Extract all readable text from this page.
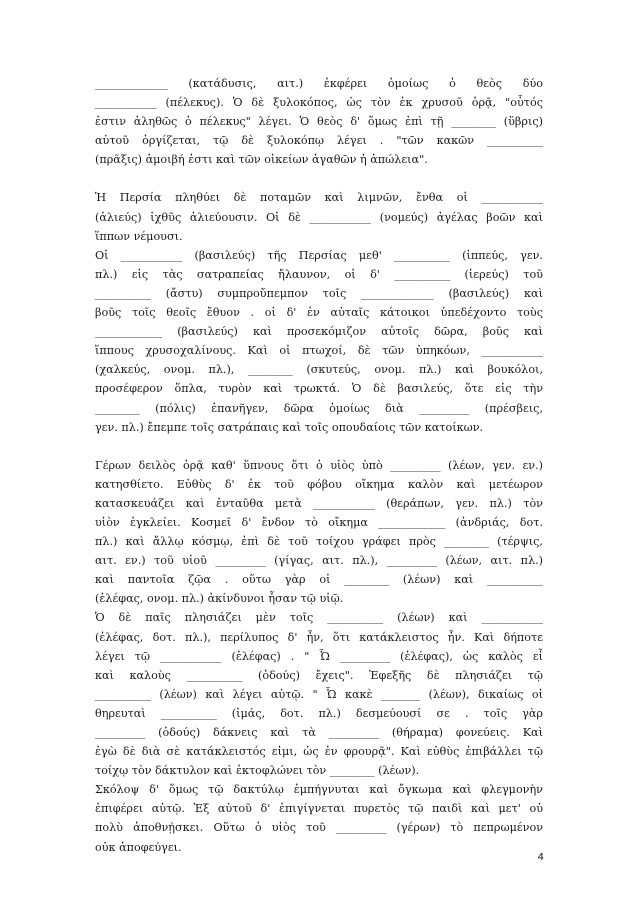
_____________ (κατάδυσις, αιτ.) ἐκφέρει ὁμοίως ὁ θεὸς δύο
___________ (πέλεκυς). Ὁ δὲ ξυλοκόπος, ὡς τὸν ἐκ χρυσοῦ ὁρᾷ, "οὗτός
ἐστιν ἀληθῶς ὁ πέλεκυς" λέγει. Ὁ θεὸς δ' ὅμως ἐπὶ τῇ ________ (ὕβρις)
αὐτοῦ ὀργίζεται, τῷ δὲ ξυλοκόπῳ λέγει . "τῶν κακῶν __________
(πρᾶξις) ἀμοιβή ἐστι καὶ τῶν οἰκείων ἀγαθῶν ἡ ἀπώλεια".

Ἡ Περσία πληθύει δὲ ποταμῶν καὶ λιμνῶν, ἔνθα οἱ ___________
(ἁλιεύς) ἰχθῦς ἁλιεύουσιν. Οἱ δὲ ___________ (νομεύς) ἀγέλας βοῶν καὶ
ἵππων νέμουσι.
Οἱ ___________ (βασιλεύς) τῆς Περσίας μεθ' __________ (ἱππεύς, γεν.
πλ.) εἰς τὰς σατραπείας ἤλαυνον, οἱ δ' __________ (ἱερεύς) τοῦ
__________ (ἄστυ) συμπροὔπεμπον τοῖς _____________ (βασιλεύς) καὶ
βοῦς τοῖς θεοῖς ἔθυον . οἱ δ' ἐν αὐταῖς κάτοικοι ὑπεδέχοντο τοὺς
____________ (βασιλεύς) καὶ προσεκόμιζον αὐτοῖς δῶρα, βοῦς καὶ
ἵππους χρυσοχαλίνους. Καὶ οἱ πτωχοί, δὲ τῶν ὑπηκόων, ___________
(χαλκεύς, ονομ. πλ.), ________ (σκυτεύς, ονομ. πλ.) καὶ βουκόλοι,
προσέφερον ὅπλα, τυρὸν καὶ τρωκτά. Ὁ δὲ βασιλεύς, ὅτε εἰς τὴν
________ (πόλις) ἐπανῆγεν, δῶρα ὁμοίως διὰ _________ (πρέσβεις,
γεν. πλ.) ἔπεμπε τοῖς σατράπαις καὶ τοῖς οπουδαίοις τῶν κατοίκων.

Γέρων δειλὸς ὁρᾷ καθ' ὕπνους ὅτι ὁ υἱὸς ὑπὸ _________ (λέων, γεν. εν.)
κατησθίετο. Εὐθὺς δ' ἐκ τοῦ φόβου οἴκημα καλὸν καὶ μετέωρον
κατασκευάζει καὶ ἐνταῦθα μετὰ ___________ (θεράπων, γεν. πλ.) τὸν
υἱὸν ἐγκλείει. Κοσμεῖ δ' ἔνδον τὸ οἴκημα ____________ (ἀνδριάς, δοτ.
πλ.) καὶ ἄλλῳ κόσμῳ, ἐπὶ δὲ τοῦ τοίχου γράφει πρὸς ________ (τέρψις,
αιτ. εν.) τοῦ υἱοῦ _________ (γίγας, αιτ. πλ.), _________ (λέων, αιτ. πλ.)
καὶ παντοῖα ζῷα . οὕτω γὰρ οἱ ________ (λέων) καὶ __________
(ἐλέφας, ονομ. πλ.) ἀκίνδυνοι ἦσαν τῷ υἱῷ.
Ὁ δὲ παῖς πλησιάζει μὲν τοῖς __________ (λέων) καὶ ___________
(ἐλέφας, δοτ. πλ.), περίλυπος δ' ἦν, ὅτι κατάκλειστος ἦν. Καὶ δήποτε
λέγει τῷ ___________ (ἐλέφας) . " Ὦ _________ (ἐλέφας), ὡς καλὸς εἶ
καὶ καλοὺς __________ (ὀδούς) ἔχεις". Ἐφεξῆς δὲ πλησιάζει τῷ
__________ (λέων) καὶ λέγει αὐτῷ. " Ὦ κακὲ _______ (λέων), δικαίως οἱ
θηρευταὶ __________ (ἱμάς, δοτ. πλ.) δεσμεύουσί σε . τοῖς γὰρ
_________ (ὀδούς) δάκνεις καὶ τὰ _________ (θήραμα) φονεύεις. Καὶ
ἐγὼ δὲ διὰ σὲ κατάκλειστός εἰμι, ὡς ἐν φρουρᾷ". Καὶ εὐθὺς ἐπιβάλλει τῷ
τοίχῳ τὸν δάκτυλον καὶ ἐκτοφλώνει τὸν ________ (λέων).

Σκόλοψ δ' ὅμως τῷ δακτύλῳ ἐμπήγνυται καὶ ὄγκωμα καὶ φλεγμονὴν
ἐπιφέρει αὐτῷ. Ἐξ αὐτοῦ δ' ἐπιγίγνεται πυρετὸς τῷ παιδὶ καὶ μετ' οὐ
πολὺ ἀποθνῄσκει. Οὕτω ὁ υἱὸς τοῦ _________ (γέρων) τὸ πεπρωμένον
οὐκ ἀποφεύγει.

4
